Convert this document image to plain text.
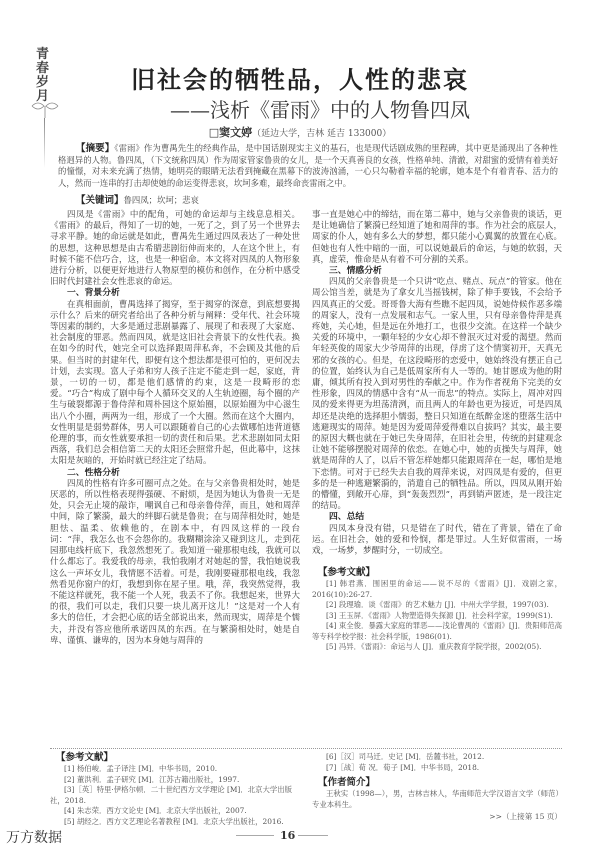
青春岁月
旧社会的牺牲品，人性的悲哀
——浅析《雷雨》中的人物鲁四凤
□窦文婷（延边大学，吉林 延吉 133000）
【摘要】《雷雨》作为曹禺先生的经典作品，是中国话剧现实主义的基石，也是现代话剧成熟的里程碑，其中更是涌现出了各种性格迥异的人物。鲁四凤，（下文统称四凤）作为周家管家鲁贵的女儿，是一个天真善良的女孩，性格单纯、清澈，对甜蜜的爱情有着美好的憧憬，对未来充满了热情，她明亮的眼睛无法看到掩藏在黑幕下的波涛汹涌，一心只勾勒着幸福的轮廓，她本是个有着青春、活力的人，然而一连串的打击却使她的命运变得悲哀，坎坷多难，最终命丧雷雨之中。
【关键词】鲁四凤；坎坷；悲哀

四凤是《雷雨》中的配角，可她的命运却与主线息息相关。《雷雨》的最后，得知了一切的她，一死了之，到了另一个世界去寻求平静。她的命运就是如此，曹禺先生通过四凤表达了一种处世的思想，这种思想是由古希腊悲剧衍伸而来的，人在这个世上，有时候不能不信巧合，这，也是一种宿命。本文将对四凤的人物形象进行分析，以便更好地进行人物原型的模仿和创作，在分析中感受旧时代封建社会女性悲哀的命运。

一、背景分析

在真相面前，曹禺选择了揭穿，至于揭穿的深意，到底想要揭示什么？后来的研究者给出了各种分析与阐释：受年代、社会环境等因素的制约，大多是通过悲剧暴露了、展现了和表现了大家庭、社会制度的罪恶。然而四凤，就是这旧社会背景下的女性代表。换在如今的时代，她完全可以选择跟周萍私奔，不会顾及其他的后果。但当时的封建年代，即便有这个想法都是很可怕的，更何况去计划，去实现。富人子弟和穷人孩子注定不能走到一起，家庭，背景，一切的一切，都是他们感情的约束，这是一段畸形的恋爱。“巧合”构成了剧中每个人循环交叉的人生轨迹圈，每个圈的产生与破裂都源于鲁侍萍和周朴园这个原始圈，以原始圈为中心滋生出八个小圈，两两为一组，形成了一个大圈。然而在这个大圈内，女性明显是弱势群体，男人可以跟随着自己的心去做哪怕违背道德伦理的事，而女性就要承担一切的责任和后果。艺术悲剧如同太阳西落，我们总会相信第二天的太阳还会照常升起，但此幕中，这抹太阳是灰暗的，开始时就已经注定了结局。

二、性格分析

四凤的性格有许多可圈可点之处。在与父亲鲁贵相处时，她是厌恶的，所以性格表现得强硬、不耐烦，是因为她认为鲁贵一无是处，只会无止境的敲诈，嘲讽自己和母亲鲁侍萍，而且，她和周萍中间，除了繁漪，最大的绊脚石就是鲁贵；在与周萍相处时，她是胆怯、温柔、依赖他的，在剧本中，有四凤这样的一段台词：“萍，我怎么也不会怨你的。我糊糊涂涂又碰到这儿，走到花园那电线杆底下，我忽然想死了。我知道一碰那根电线，我就可以什么都忘了。我爱我的母亲，我怕我刚才对她起的誓，我怕她说我这么一声坏女儿，我情愿不活着。可是，我刚要碰那根电线，我忽然看见你窗户的灯，我想到你在屋子里。哦，萍，我突然觉得，我不能这样就死，我不能一个人死，我丢不了你。我想起来，世界大的很，我们可以走，我们只要一块儿离开这儿！”这是对一个人有多大的信任，才会把心底的话全部说出来，然而现实，周萍是个懦夫，并没有答应他所承诺四凤的东西。在与繁漪相处时，她是自卑、谨慎、谦卑的，因为本身她与周萍的

事一直是她心中的缔结，而在第二幕中，她与父亲鲁贵的谈话，更是让她确信了繁漪已经知道了她和周萍的事。作为社会的底层人，周家的仆人，她有多么大的梦想，都只能小心翼翼的放置在心底。但她也有人性中暗的一面，可以说她最后的命运，与她的软弱，天真，虚荣，惟命是从有着不可分割的关系。

三、情感分析

四凤的父亲鲁贵是一个只讲“吃点、赌点、玩点”的管家。他在周公馆当差，就是为了拿女儿当摇钱树，除了伸手要钱，不会给予四凤真正的父爱。哥哥鲁大海有些瞧不起四凤，说她侍候作恶多端的周家人，没有一点发展和志气。一家人里，只有母亲鲁侍萍是真疼她，关心她，但是远在外地打工，也很少交流。在这样一个缺少关爱的环境中，一颗年轻的少女心却不曾泯灭过对爱的渴望。然而年轻英俊的周家大少爷周萍的出现，俘虏了这个情窦初开，天真无邪的女孩的心。但是，在这段畸形的恋爱中，她始终没有摆正自己的位置，始终认为自己是低周家所有人一等的。她甘愿成为他的附庸，倾其所有投入到对男性的奉献之中。作为作者视角下完美的女性形象，四凤的情感中含有“从一而忠”的特点。实际上，周冲对四凤的爱来得更为坦荡清洌，而且两人的年龄也更为接近，可是四凤却还是决绝的选择胆小懦弱，整日只知道在纸醉金迷的堕落生活中逃避现实的周萍。她是因为爱周萍爱得难以自拔吗？其实，最主要的原因大概也就在于她已失身周萍，在旧社会里，传统的封建观念让她不能够摆脱对周萍的依恋。在她心中，她的贞操失与周萍，她就是周萍的人了，以后不管怎样她都只能跟周萍在一起，哪怕是地下恋情。可对于已经失去自我的周萍来说，对四凤是有爱的，但更多的是一种逃避繁漪的，消遣自己的牺牲品。所以，四凤从刚开始的懵懂，到敞开心扉，到“轰轰烈烈”，再到销声匿迹，是一段注定的结局。

四、总结

四凤本身没有错，只是错在了时代，错在了背景，错在了命运。在旧社会，她的爱和怜悯，都是罪过。人生好似雷雨，一场戏，一场梦，梦醒时分，一切成空。

【参考文献】
[1] 韩君燕．围困里的命运——说不尽的《雷雨》[J]．戏剧之家，2016(10):26-27.
[2] 段理瑜．谈《雷雨》的艺术魅力 [J]．中州大学学报，1997(03).
[3] 王玉屏．《雷雨》人物塑造得失探源 [J]．社会科学家，1999(S1).
[4] 束全俊．暴露大家庭的罪恶——浅论曹禺的《雷雨》[J]．贵阳师范高等专科学校学报：社会科学版，1986(01).
[5] 冯异．《雷雨》：命运与人 [J]．重庆教育学院学报，2002(05).
【参考文献】
[1] 杨伯峻．孟子译注 [M]．中华书局，2010.
[2] 董洪利．孟子研究 [M]．江苏古籍出版社，1997.
[3]［英］特里·伊格尔顿．二十世纪西方文学理论 [M]．北京大学出版社，2018.
[4] 朱志荣．西方文论史 [M]．北京大学出版社，2007.
[5] 胡经之．西方文艺理论名著教程 [M]．北京大学出版社，2016.
[6]［汉］司马迁．史记 [M]．岳麓书社，2012.
[7]［战］荀 况．荀子 [M]．中华书局，2018.
【作者简介】
王秋实（1998—），男，吉林吉林人，华南师范大学汉语言文学（师范）专业本科生。
>>（上接第 15 页）
16
万方数据
